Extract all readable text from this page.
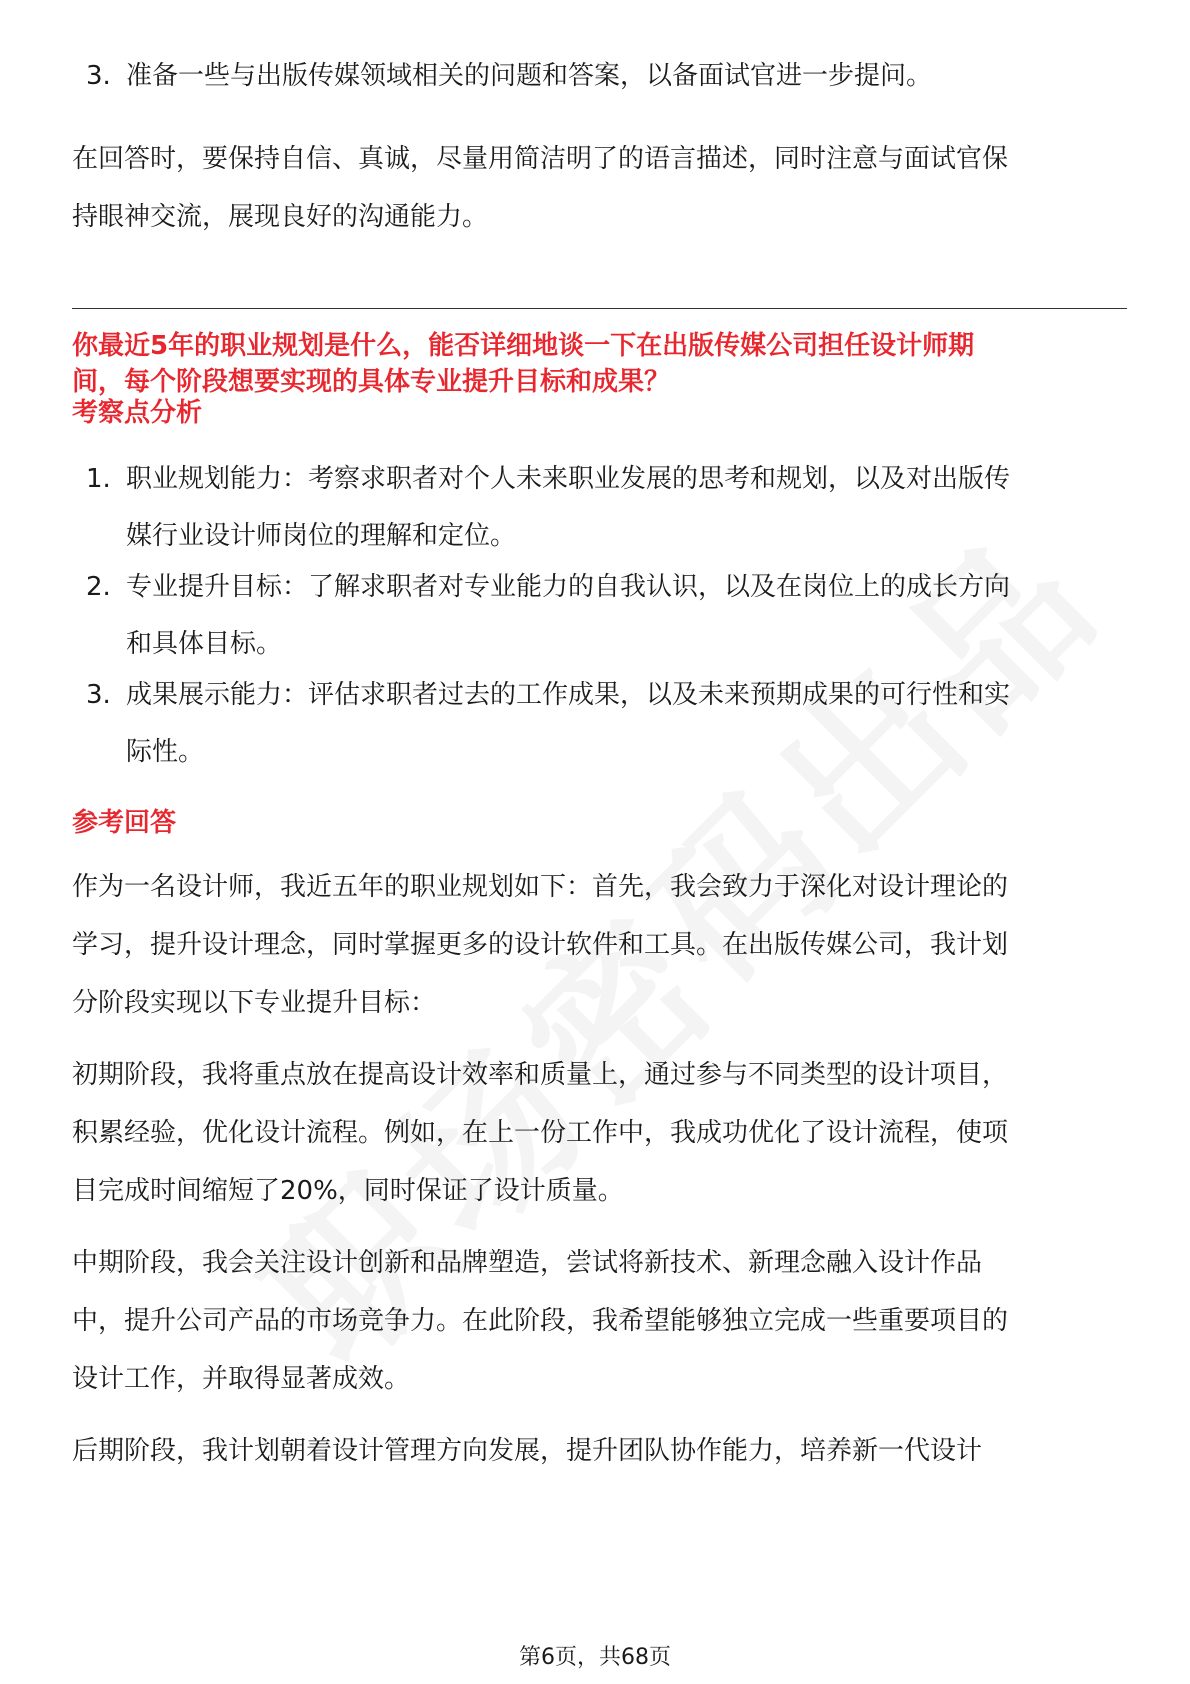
3. 准备一些与出版传媒领域相关的问题和答案，以备面试官进一步提问。
在回答时，要保持自信、真诚，尽量用简洁明了的语言描述，同时注意与面试官保
持眼神交流，展现良好的沟通能力。
你最近5年的职业规划是什么，能否详细地谈一下在出版传媒公司担任设计师期
间，每个阶段想要实现的具体专业提升目标和成果？
考察点分析
1. 职业规划能力：考察求职者对个人未来职业发展的思考和规划，以及对出版传
媒行业设计师岗位的理解和定位。
2. 专业提升目标：了解求职者对专业能力的自我认识，以及在岗位上的成长方向
和具体目标。
3. 成果展示能力：评估求职者过去的工作成果，以及未来预期成果的可行性和实
际性。
参考回答
作为一名设计师，我近五年的职业规划如下：首先，我会致力于深化对设计理论的
学习，提升设计理念，同时掌握更多的设计软件和工具。在出版传媒公司，我计划
分阶段实现以下专业提升目标：
初期阶段，我将重点放在提高设计效率和质量上，通过参与不同类型的设计项目，
积累经验，优化设计流程。例如，在上一份工作中，我成功优化了设计流程，使项
目完成时间缩短了20%，同时保证了设计质量。
中期阶段，我会关注设计创新和品牌塑造，尝试将新技术、新理念融入设计作品
中，提升公司产品的市场竞争力。在此阶段，我希望能够独立完成一些重要项目的
设计工作，并取得显著成效。
后期阶段，我计划朝着设计管理方向发展，提升团队协作能力，培养新一代设计
第6页，共68页
